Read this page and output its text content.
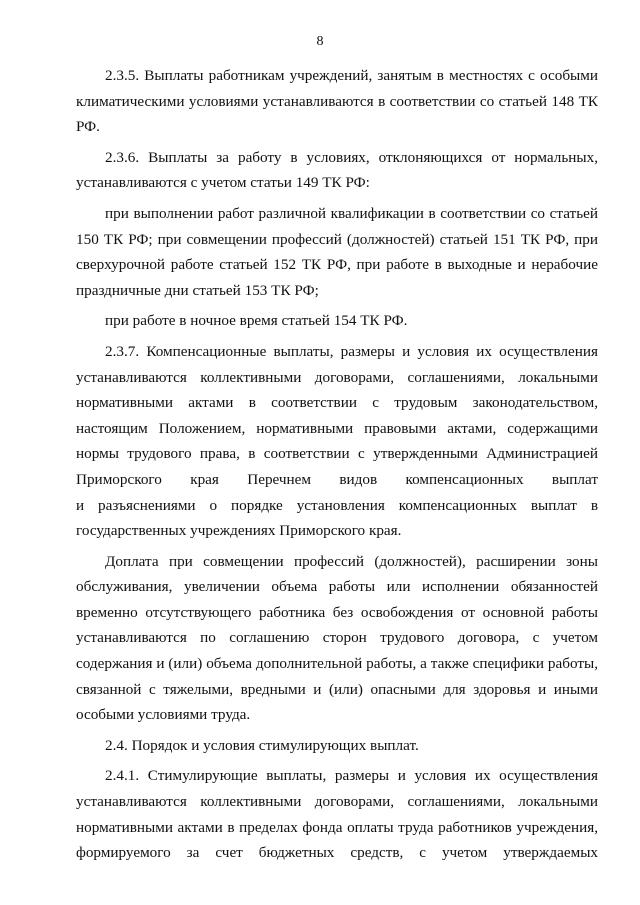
8
2.3.5. Выплаты работникам учреждений, занятым в местностях с особыми
климатическими условиями устанавливаются в соответствии со статьей 148 ТК
РФ.
2.3.6. Выплаты за работу в условиях, отклоняющихся от нормальных,
устанавливаются с учетом статьи 149 ТК РФ:
при выполнении работ различной квалификации в соответствии со статьей
150 ТК РФ; при совмещении профессий (должностей) статьей 151 ТК РФ, при
сверхурочной работе статьей 152 ТК РФ, при работе в выходные и нерабочие
праздничные дни статьей 153 ТК РФ;
при работе в ночное время статьей 154 ТК РФ.
2.3.7. Компенсационные выплаты, размеры и условия их осуществления
устанавливаются коллективными договорами, соглашениями, локальными
нормативными актами в соответствии с трудовым законодательством,
настоящим Положением, нормативными правовыми актами, содержащими
нормы трудового права, в соответствии с утвержденными Администрацией
Приморского края Перечнем видов компенсационных выплат
и разъяснениями о порядке установления компенсационных выплат в
государственных учреждениях Приморского края.
Доплата при совмещении профессий (должностей), расширении зоны
обслуживания, увеличении объема работы или исполнении обязанностей
временно отсутствующего работника без освобождения от основной работы
устанавливаются по соглашению сторон трудового договора, с учетом
содержания и (или) объема дополнительной работы, а также специфики работы,
связанной с тяжелыми, вредными и (или) опасными для здоровья и иными
особыми условиями труда.
2.4. Порядок и условия стимулирующих выплат.
2.4.1. Стимулирующие выплаты, размеры и условия их осуществления
устанавливаются коллективными договорами, соглашениями, локальными
нормативными актами в пределах фонда оплаты труда работников учреждения,
формируемого за счет бюджетных средств, с учетом утверждаемых
